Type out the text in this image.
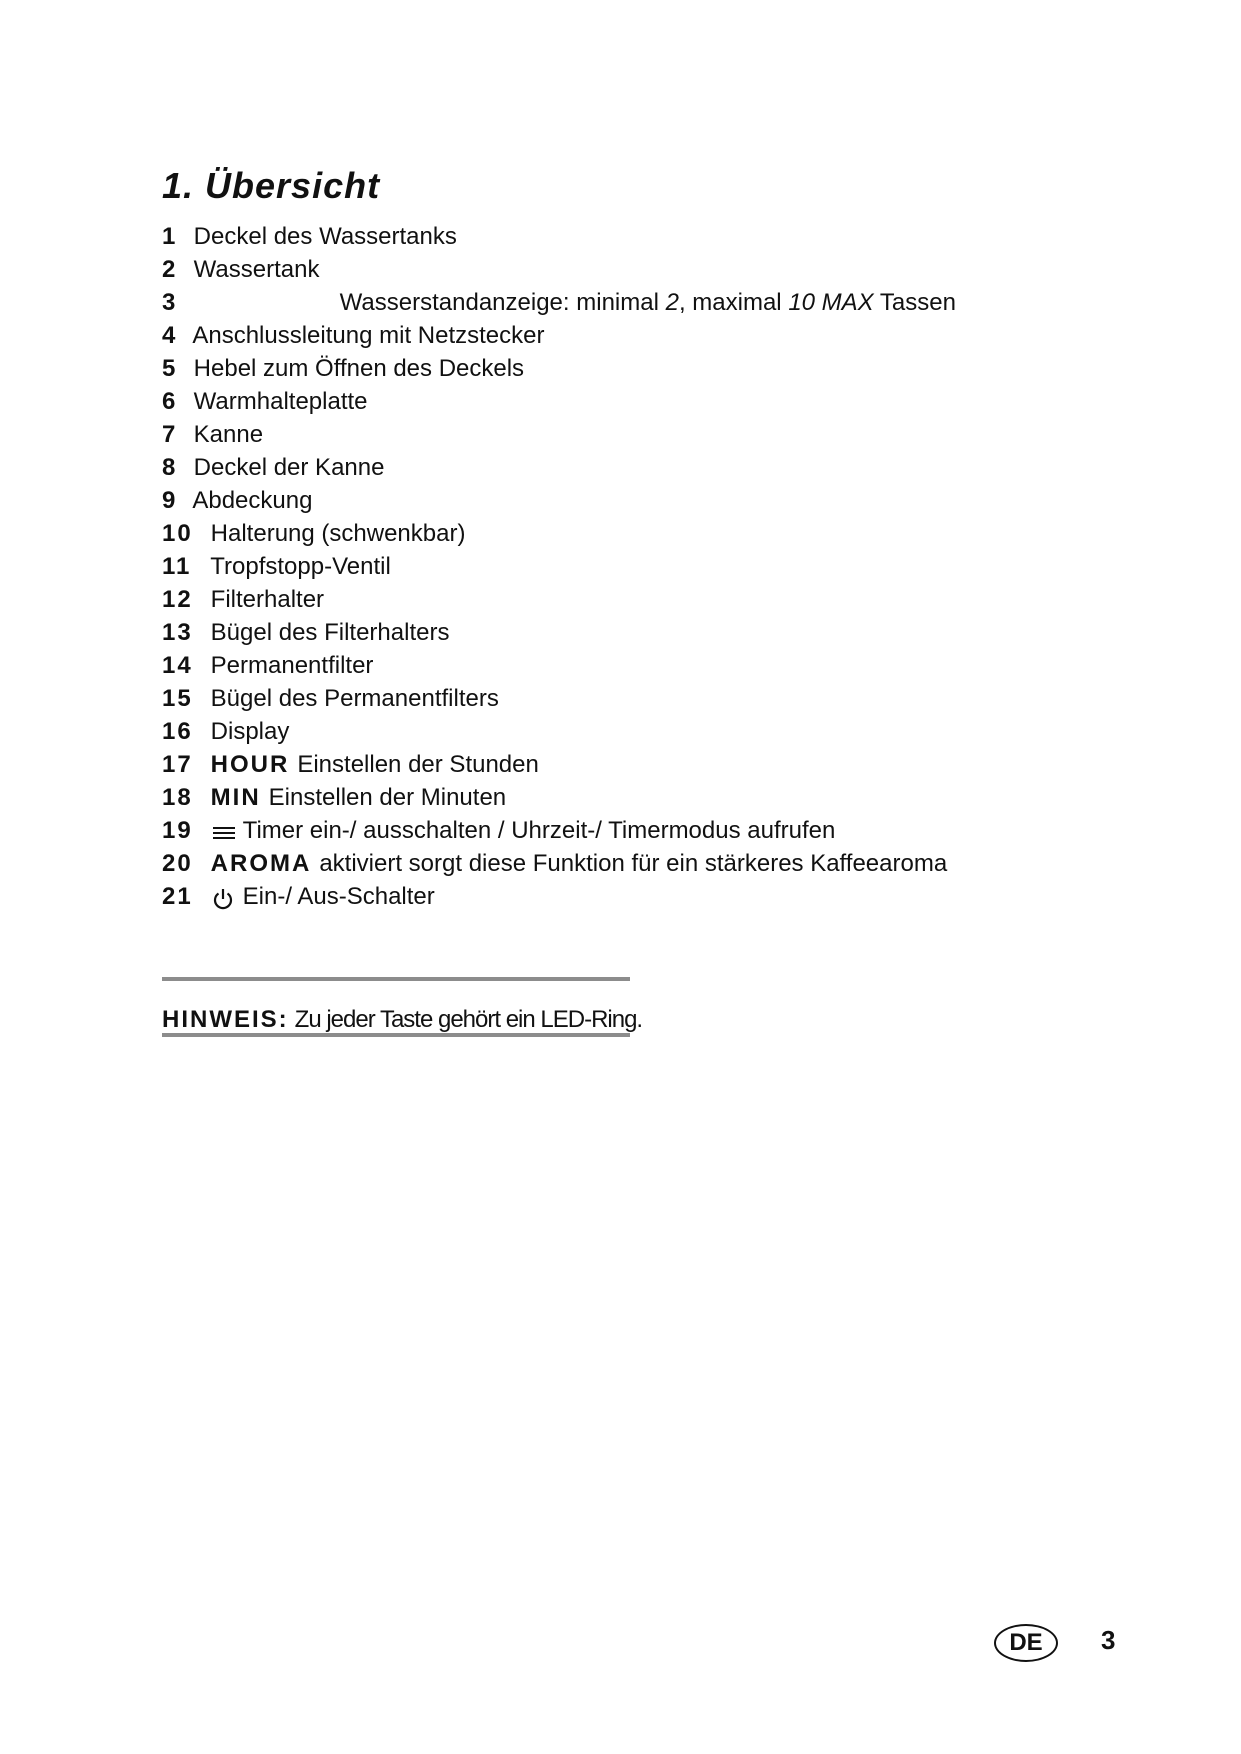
1. Übersicht
1 Deckel des Wassertanks
2 Wassertank
3	Wasserstandanzeige: minimal 2, maximal 10 MAX Tassen
4 Anschlussleitung mit Netzstecker
5 Hebel zum Öffnen des Deckels
6 Warmhalteplatte
7 Kanne
8 Deckel der Kanne
9 Abdeckung
10 Halterung (schwenkbar)
11 Tropfstopp-Ventil
12 Filterhalter
13 Bügel des Filterhalters
14 Permanentfilter
15 Bügel des Permanentfilters
16 Display
17 HOUR Einstellen der Stunden
18 MIN Einstellen der Minuten
19 Timer ein-/ ausschalten / Uhrzeit-/ Timermodus aufrufen
20 AROMA aktiviert sorgt diese Funktion für ein stärkeres Kaffeearoma
21 Ein-/ Aus-Schalter
HINWEIS: Zu jeder Taste gehört ein LED-Ring.
DE	3
